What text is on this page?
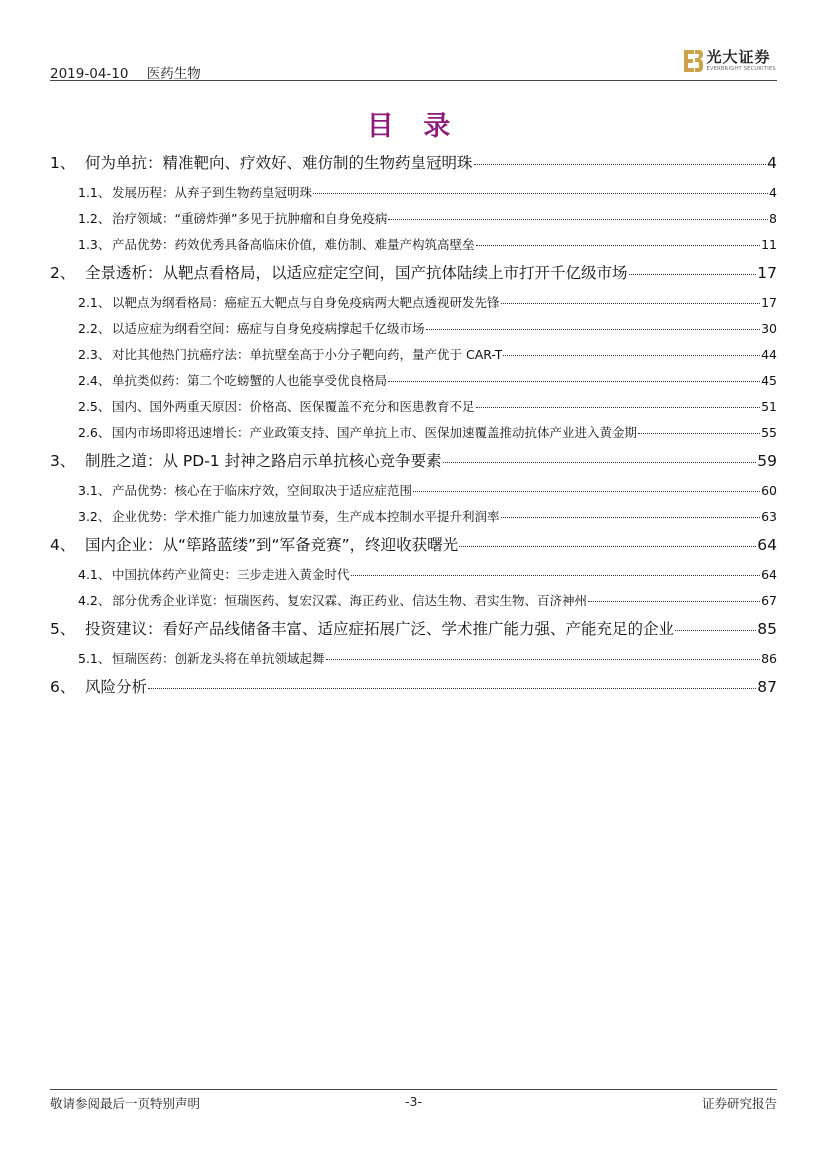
2019-04-10 医药生物
光大证券
EVERBRIGHT SECURITIES
目 录
1、 何为单抗：精准靶向、疗效好、难仿制的生物药皇冠明珠	4
1.1、 发展历程：从弃子到生物药皇冠明珠	4
1.2、 治疗领域：“重磅炸弹”多见于抗肿瘤和自身免疫病	8
1.3、 产品优势：药效优秀具备高临床价值，难仿制、难量产构筑高壁垒	11
2、 全景透析：从靶点看格局，以适应症定空间，国产抗体陆续上市打开千亿级市场	17
2.1、 以靶点为纲看格局：癌症五大靶点与自身免疫病两大靶点透视研发先锋	17
2.2、 以适应症为纲看空间：癌症与自身免疫病撑起千亿级市场	30
2.3、 对比其他热门抗癌疗法：单抗壁垒高于小分子靶向药，量产优于 CAR-T	44
2.4、 单抗类似药：第二个吃螃蟹的人也能享受优良格局	45
2.5、 国内、国外两重天原因：价格高、医保覆盖不充分和医患教育不足	51
2.6、 国内市场即将迅速增长：产业政策支持、国产单抗上市、医保加速覆盖推动抗体产业进入黄金期	55
3、 制胜之道：从 PD-1 封神之路启示单抗核心竞争要素	59
3.1、 产品优势：核心在于临床疗效，空间取决于适应症范围	60
3.2、 企业优势：学术推广能力加速放量节奏，生产成本控制水平提升利润率	63
4、 国内企业：从“筚路蓝缕”到“军备竞赛”，终迎收获曙光	64
4.1、 中国抗体药产业简史：三步走进入黄金时代	64
4.2、 部分优秀企业详览：恒瑞医药、复宏汉霖、海正药业、信达生物、君实生物、百济神州	67
5、 投资建议：看好产品线储备丰富、适应症拓展广泛、学术推广能力强、产能充足的企业	85
5.1、 恒瑞医药：创新龙头将在单抗领域起舞	86
6、 风险分析	87
敬请参阅最后一页特别声明	-3-	证券研究报告
